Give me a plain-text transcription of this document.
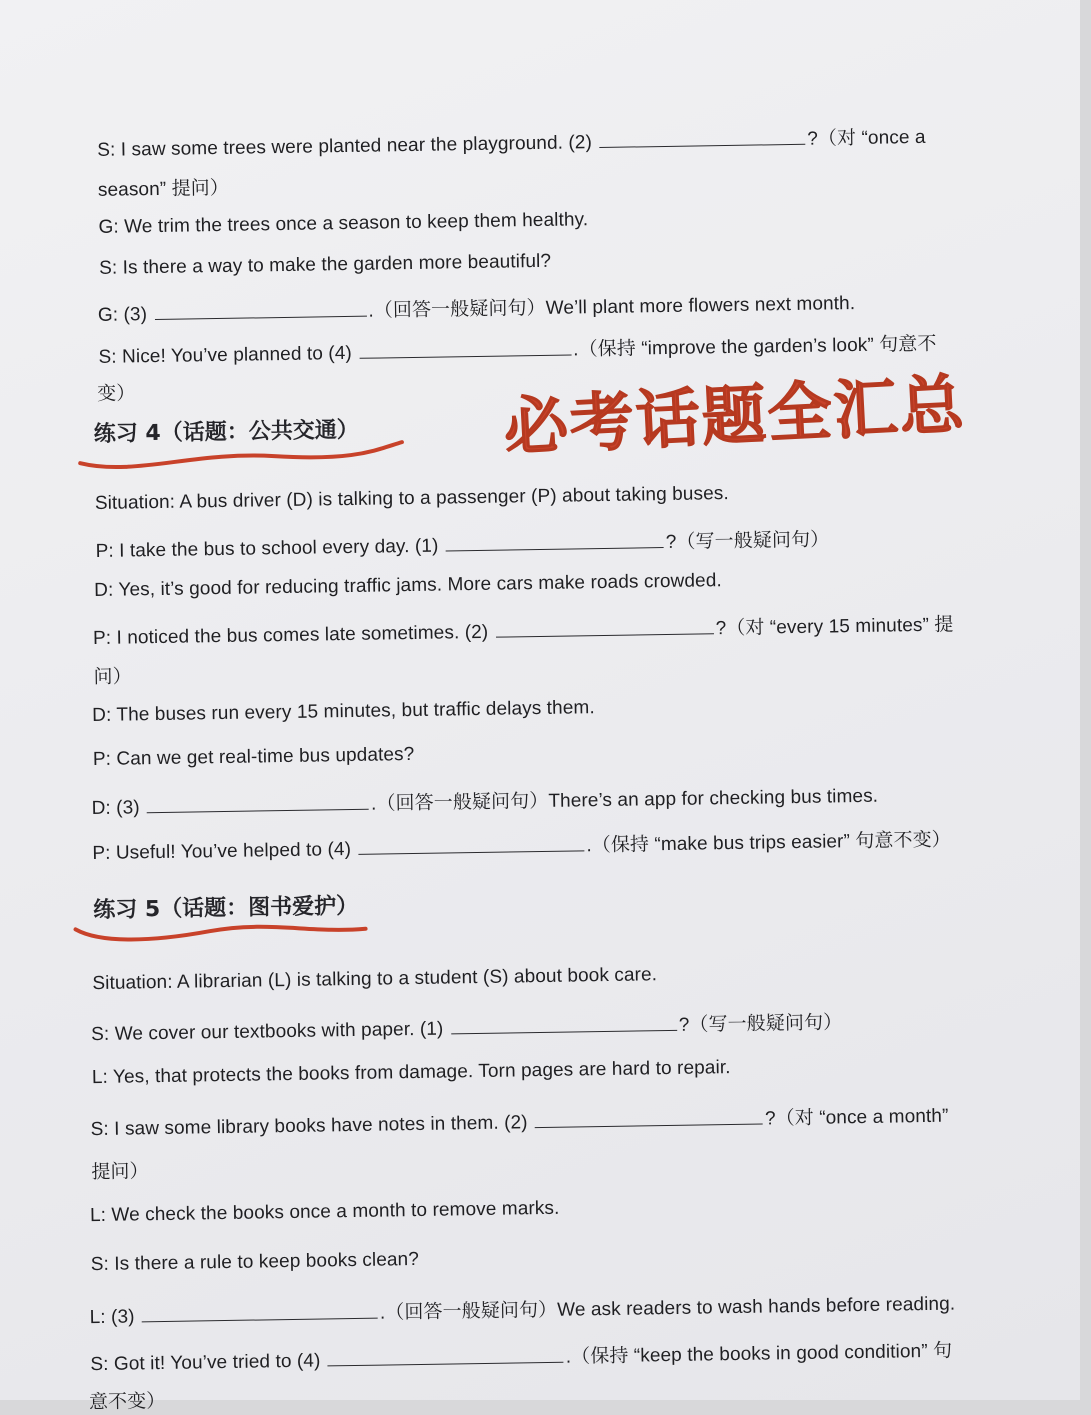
S: I saw some trees were planted near the playground. (2)	?（对 “once a
season” 提问）
G: We trim the trees once a season to keep them healthy.
S: Is there a way to make the garden more beautiful?
G: (3)	.（回答一般疑问句）We’ll plant more flowers next month.
S: Nice! You’ve planned to (4)	.（保持 “improve the garden’s look” 句意不
变）
练习 4（话题：公共交通） 必考话题全汇总
Situation: A bus driver (D) is talking to a passenger (P) about taking buses.
P: I take the bus to school every day. (1)	?（写一般疑问句）
D: Yes, it’s good for reducing traffic jams. More cars make roads crowded.
P: I noticed the bus comes late sometimes. (2)	?（对 “every 15 minutes” 提
问）
D: The buses run every 15 minutes, but traffic delays them.
P: Can we get real-time bus updates?
D: (3)	.（回答一般疑问句）There’s an app for checking bus times.
P: Useful! You’ve helped to (4)	.（保持 “make bus trips easier” 句意不变）
练习 5（话题：图书爱护）
Situation: A librarian (L) is talking to a student (S) about book care.
S: We cover our textbooks with paper. (1)	?（写一般疑问句）
L: Yes, that protects the books from damage. Torn pages are hard to repair.
S: I saw some library books have notes in them. (2)	?（对 “once a month”
提问）
L: We check the books once a month to remove marks.
S: Is there a rule to keep books clean?
L: (3)	.（回答一般疑问句）We ask readers to wash hands before reading.
S: Got it! You’ve tried to (4)	.（保持 “keep the books in good condition” 句
意不变）
